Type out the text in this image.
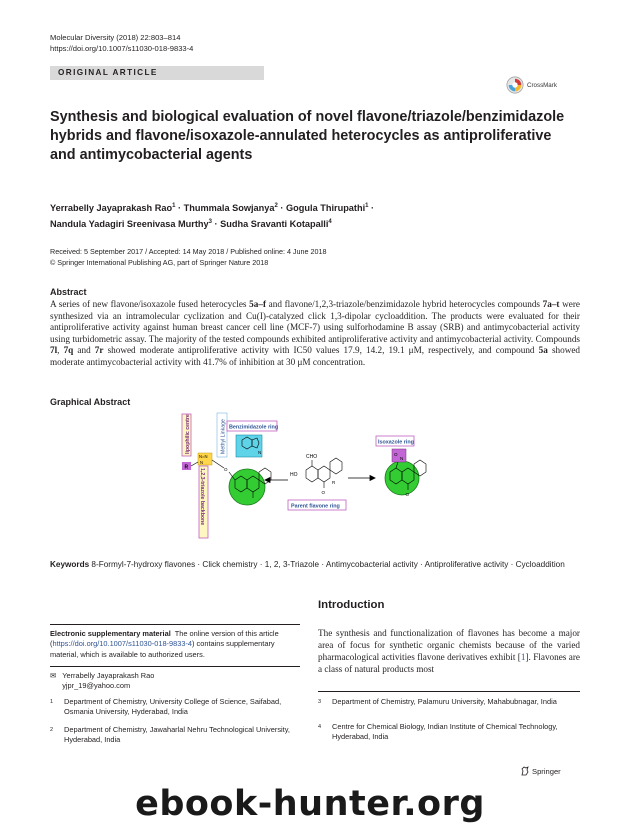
Molecular Diversity (2018) 22:803–814
https://doi.org/10.1007/s11030-018-9833-4
ORIGINAL ARTICLE
CrossMark
Synthesis and biological evaluation of novel flavone/triazole/benzimidazole hybrids and flavone/isoxazole-annulated heterocycles as antiproliferative and antimycobacterial agents
Yerrabelly Jayaprakash Rao$^1$ · Thummala Sowjanya$^2$ · Gogula Thirupathi$^1$ ·
Nandula Yadagiri Sreenivasa Murthy$^3$ · Sudha Sravanti Kotapalli$^4$
Received: 5 September 2017 / Accepted: 14 May 2018 / Published online: 4 June 2018
© Springer International Publishing AG, part of Springer Nature 2018
Abstract
A series of new flavone/isoxazole fused heterocycles 5a–f and flavone/1,2,3-triazole/benzimidazole hybrid heterocycles compounds 7a–t were synthesized via an intramolecular cyclization and Cu(I)-catalyzed click 1,3-dipolar cycloaddition. The products were evaluated for their antiproliferative activity against human breast cancer cell line (MCF-7) using sulforhodamine B assay (SRB) and antimycobacterial activity using turbidometric assay. The majority of the tested compounds exhibited antiproliferative activity and antimycobacterial activity. Compounds 7l, 7q and 7r showed moderate antiproliferative activity with IC50 values 17.9, 14.2, 19.1 μM, respectively, and compound 5a showed moderate antimycobacterial activity with 41.7% of inhibition at 30 μM concentration.
Graphical Abstract
lipophilic centre	Methyl Linkage Benzimidazole ring
N
1,2,3-triazole backbone
N=N
N
R	O
HO
CHO
O
R
Parent flavone ring
Isoxazole ring
O
N
O
Keywords 8-Formyl-7-hydroxy flavones · Click chemistry · 1, 2, 3-Triazole · Antimycobacterial activity · Antiproliferative activity · Cycloaddition
Electronic supplementary material The online version of this article (https://doi.org/10.1007/s11030-018-9833-4) contains supplementary material, which is available to authorized users.
✉ Yerrabelly Jayaprakash Rao
yjpr_19@yahoo.com
1	Department of Chemistry, University College of Science, Saifabad, Osmania University, Hyderabad, India
2	Department of Chemistry, Jawaharlal Nehru Technological University, Hyderabad, India
Introduction
The synthesis and functionalization of flavones has become a major area of focus for synthetic organic chemists because of the varied pharmacological activities flavone derivatives exhibit [1]. Flavones are a class of natural products most
3	Department of Chemistry, Palamuru University, Mahabubnagar, India
4	Centre for Chemical Biology, Indian Institute of Chemical Technology, Hyderabad, India
Springer
ebook-hunter.org
